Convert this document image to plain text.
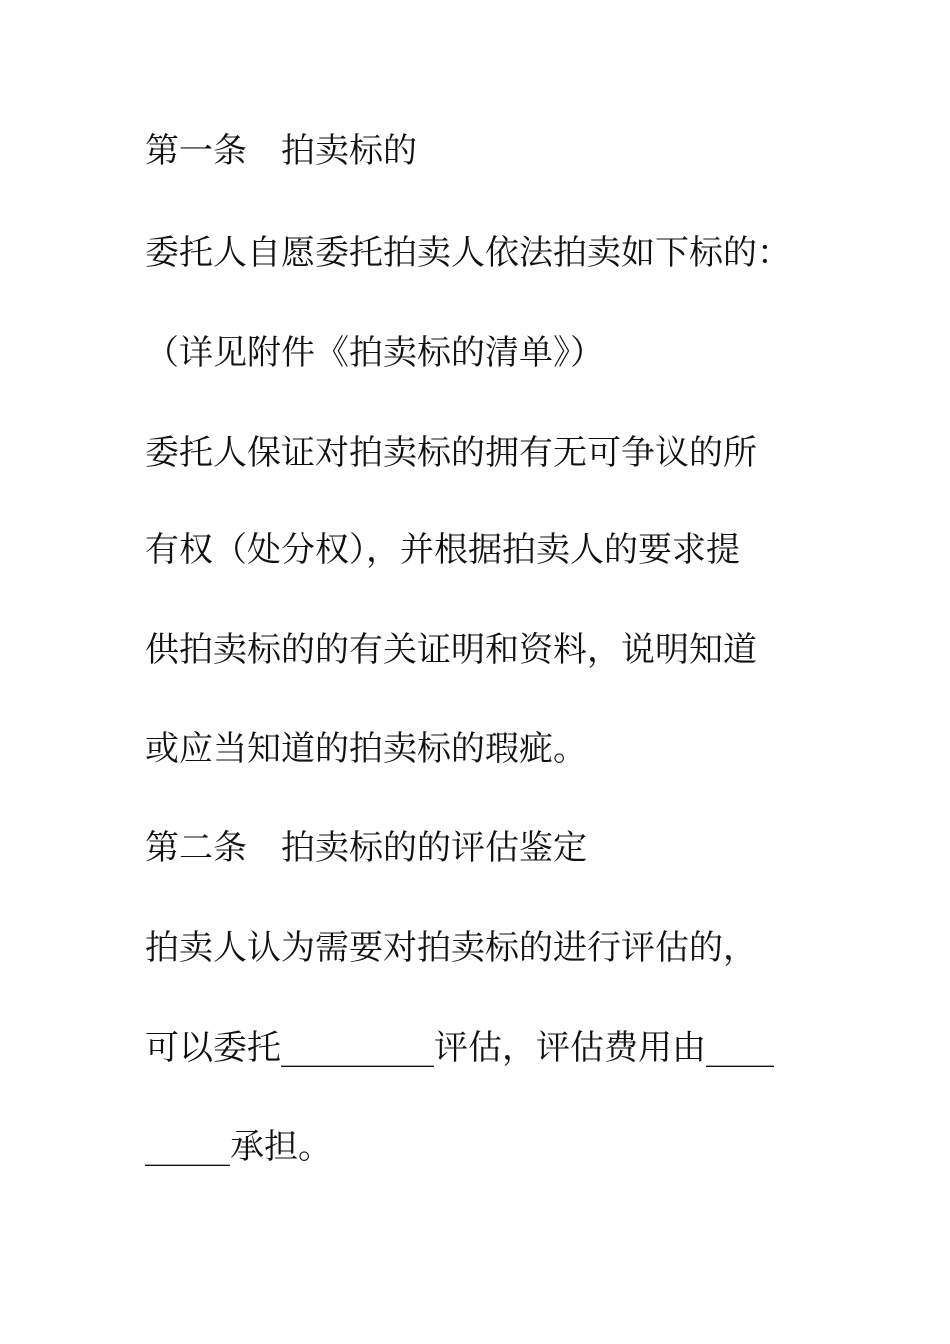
第一条　拍卖标的
委托人自愿委托拍卖人依法拍卖如下标的：
（详见附件《拍卖标的清单》）
委托人保证对拍卖标的拥有无可争议的所
有权（处分权），并根据拍卖人的要求提
供拍卖标的的有关证明和资料，说明知道
或应当知道的拍卖标的瑕疵。
第二条　拍卖标的的评估鉴定
拍卖人认为需要对拍卖标的进行评估的，
可以委托_________评估，评估费用由____
_____承担。
